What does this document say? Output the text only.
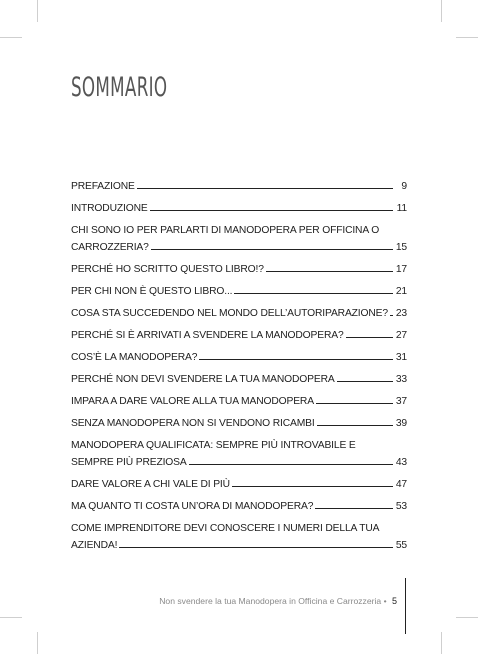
SOMMARIO
PREFAZIONE	9
INTRODUZIONE	11
CHI SONO IO PER PARLARTI DI MANODOPERA PER OFFICINA O
CARROZZERIA?	15
PERCHÉ HO SCRITTO QUESTO LIBRO!?	17
PER CHI NON È QUESTO LIBRO...	21
COSA STA SUCCEDENDO NEL MONDO DELL’AUTORIPARAZIONE? 23
PERCHÉ SI È ARRIVATI A SVENDERE LA MANODOPERA?	27
COS’È LA MANODOPERA?	31
PERCHÉ NON DEVI SVENDERE LA TUA MANODOPERA	33
IMPARA A DARE VALORE ALLA TUA MANODOPERA	37
SENZA MANODOPERA NON SI VENDONO RICAMBI	39
MANODOPERA QUALIFICATA: SEMPRE PIÙ INTROVABILE E
SEMPRE PIÙ PREZIOSA	43
DARE VALORE A CHI VALE DI PIÙ	47
MA QUANTO TI COSTA UN’ORA DI MANODOPERA?	53
COME IMPRENDITORE DEVI CONOSCERE I NUMERI DELLA TUA
AZIENDA!	55
Non svendere la tua Manodopera in Officina e Carrozzeria • 5
